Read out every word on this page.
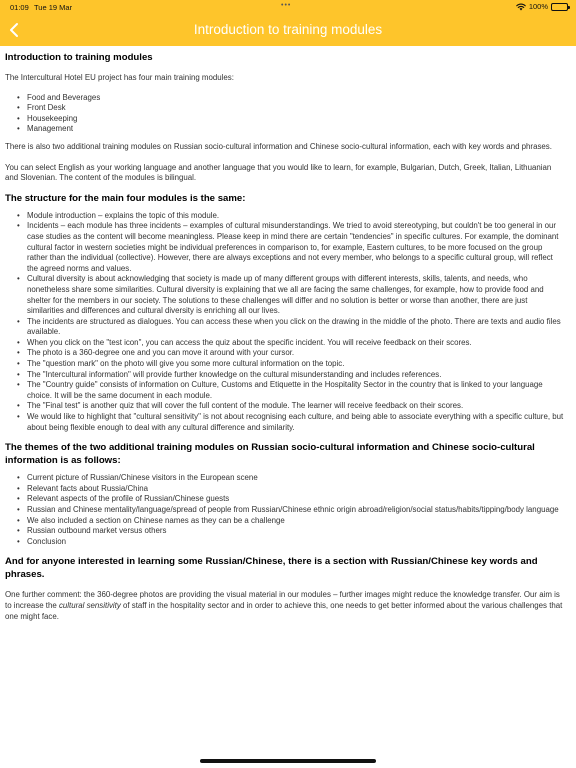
01:09 Tue 19 Mar	•••	100%
Introduction to training modules
Introduction to training modules

The Intercultural Hotel EU project has four main training modules:

• Food and Beverages
• Front Desk
• Housekeeping
• Management

There is also two additional training modules on Russian socio-cultural information and Chinese socio-cultural information, each with key words and phrases.

You can select English as your working language and another language that you would like to learn, for example, Bulgarian, Dutch, Greek, Italian, Lithuanian and Slovenian. The content of the modules is bilingual.

The structure for the main four modules is the same:
• Module introduction – explains the topic of this module.
• Incidents – each module has three incidents – examples of cultural misunderstandings. We tried to avoid stereotyping, but couldn't be too general in our case studies as the content will become meaningless. Please keep in mind there are certain "tendencies" in specific cultures. For example, the dominant cultural factor in western societies might be individual preferences in comparison to, for example, Eastern cultures, to be more focused on the group rather than the individual (collective). However, there are always exceptions and not every member, who belongs to a specific cultural group, will reflect the agreed norms and values.
• Cultural diversity is about acknowledging that society is made up of many different groups with different interests, skills, talents, and needs, who nonetheless share some similarities. Cultural diversity is explaining that we all are facing the same challenges, for example, how to provide food and shelter for the members in our society. The solutions to these challenges will differ and no solution is better or worse than another, there are just similarities and differences and cultural diversity is enriching all our lives.
• The incidents are structured as dialogues. You can access these when you click on the drawing in the middle of the photo. There are texts and audio files available.
• When you click on the "test icon", you can access the quiz about the specific incident. You will receive feedback on their scores.
• The photo is a 360-degree one and you can move it around with your cursor.
• The "question mark" on the photo will give you some more cultural information on the topic.
• The "Intercultural information" will provide further knowledge on the cultural misunderstanding and includes references.
• The "Country guide" consists of information on Culture, Customs and Etiquette in the Hospitality Sector in the country that is linked to your language choice. It will be the same document in each module.
• The "Final test" is another quiz that will cover the full content of the module. The learner will receive feedback on their scores.
• We would like to highlight that "cultural sensitivity" is not about recognising each culture, and being able to associate everything with a specific culture, but about being flexible enough to deal with any cultural difference and similarity.
The themes of the two additional training modules on Russian socio-cultural information and Chinese socio-cultural information is as follows:
• Current picture of Russian/Chinese visitors in the European scene
• Relevant facts about Russia/China
• Relevant aspects of the profile of Russian/Chinese guests
• Russian and Chinese mentality/language/spread of people from Russian/Chinese ethnic origin abroad/religion/social status/habits/tipping/body language
• We also included a section on Chinese names as they can be a challenge
• Russian outbound market versus others
• Conclusion
And for anyone interested in learning some Russian/Chinese, there is a section with Russian/Chinese key words and phrases.

One further comment: the 360-degree photos are providing the visual material in our modules – further images might reduce the knowledge transfer. Our aim is to increase the cultural sensitivity of staff in the hospitality sector and in order to achieve this, one needs to get better informed about the various challenges that one might face.
